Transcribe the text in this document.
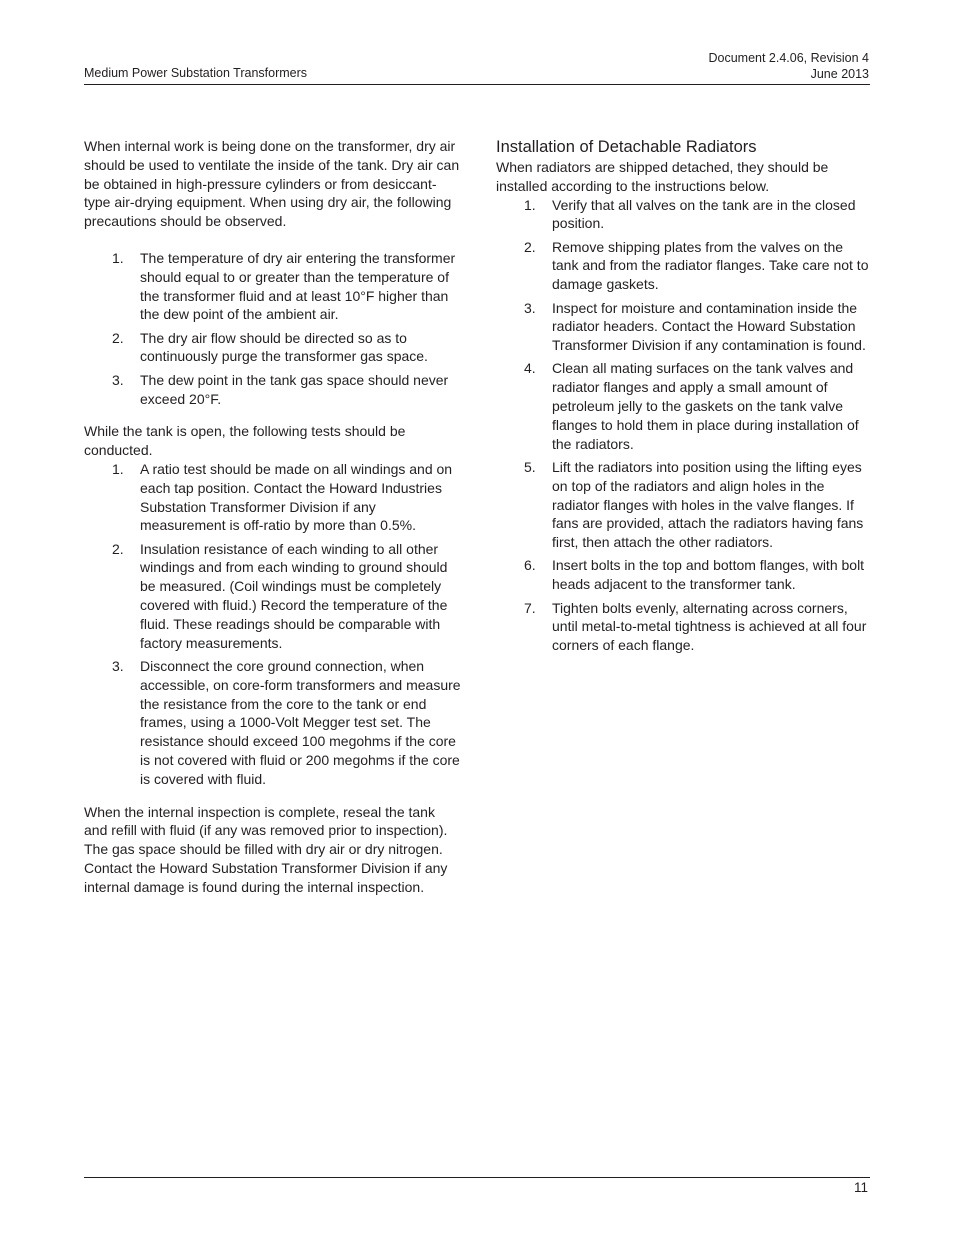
Medium Power Substation Transformers
Document 2.4.06, Revision 4
June 2013

When internal work is being done on the transformer, dry air should be used to ventilate the inside of the tank. Dry air can be obtained in high-pressure cylinders or from desiccant-type air-drying equipment. When using dry air, the following precautions should be observed.

1. The temperature of dry air entering the transformer should equal to or greater than the temperature of the transformer fluid and at least 10°F higher than the dew point of the ambient air.
2. The dry air flow should be directed so as to continuously purge the transformer gas space.
3. The dew point in the tank gas space should never exceed 20°F.

While the tank is open, the following tests should be conducted.

1. A ratio test should be made on all windings and on each tap position. Contact the Howard Industries Substation Transformer Division if any measurement is off-ratio by more than 0.5%.
2. Insulation resistance of each winding to all other windings and from each winding to ground should be measured. (Coil windings must be completely covered with fluid.) Record the temperature of the fluid. These readings should be comparable with factory measurements.
3. Disconnect the core ground connection, when accessible, on core-form transformers and measure the resistance from the core to the tank or end frames, using a 1000-Volt Megger test set. The resistance should exceed 100 megohms if the core is not covered with fluid or 200 megohms if the core is covered with fluid.

When the internal inspection is complete, reseal the tank and refill with fluid (if any was removed prior to inspection). The gas space should be filled with dry air or dry nitrogen. Contact the Howard Substation Transformer Division if any internal damage is found during the internal inspection.

Installation of Detachable Radiators

When radiators are shipped detached, they should be installed according to the instructions below.

1. Verify that all valves on the tank are in the closed position.
2. Remove shipping plates from the valves on the tank and from the radiator flanges. Take care not to damage gaskets.
3. Inspect for moisture and contamination inside the radiator headers. Contact the Howard Substation Transformer Division if any contamination is found.
4. Clean all mating surfaces on the tank valves and radiator flanges and apply a small amount of petroleum jelly to the gaskets on the tank valve flanges to hold them in place during installation of the radiators.
5. Lift the radiators into position using the lifting eyes on top of the radiators and align holes in the radiator flanges with holes in the valve flanges. If fans are provided, attach the radiators having fans first, then attach the other radiators.
6. Insert bolts in the top and bottom flanges, with bolt heads adjacent to the transformer tank.
7. Tighten bolts evenly, alternating across corners, until metal-to-metal tightness is achieved at all four corners of each flange.
11
